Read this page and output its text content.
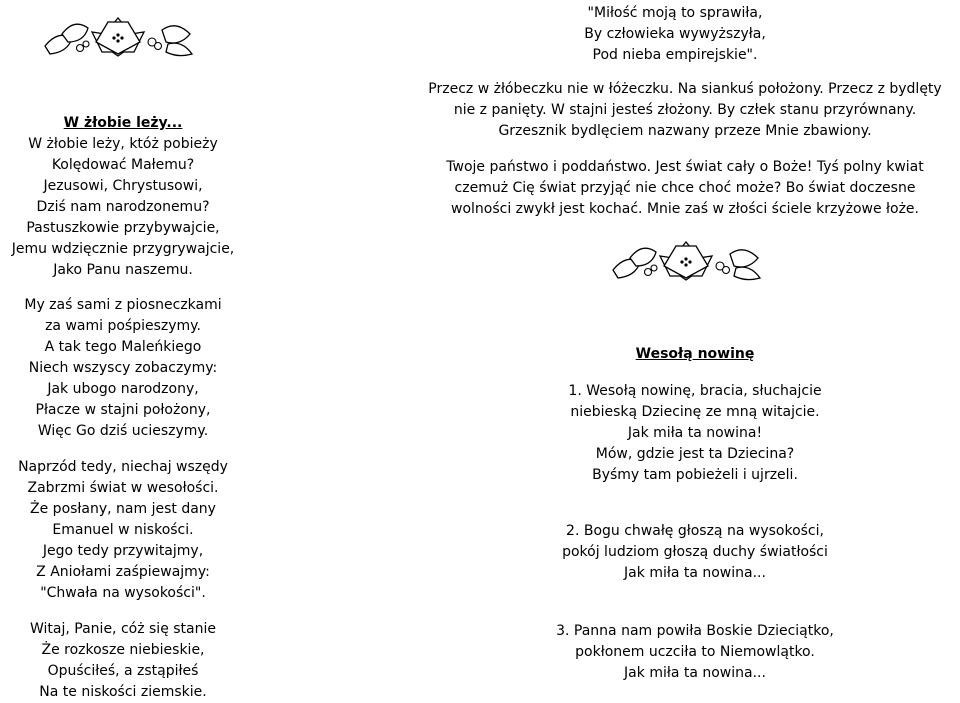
W żłobie leży...
W żłobie leży, któż pobieży
Kolędować Małemu?
Jezusowi, Chrystusowi,
Dziś nam narodzonemu?
Pastuszkowie przybywajcie,
Jemu wdzięcznie przygrywajcie,
Jako Panu naszemu.
My zaś sami z piosneczkami
za wami pośpieszymy.
A tak tego Maleńkiego
Niech wszyscy zobaczymy:
Jak ubogo narodzony,
Płacze w stajni położony,
Więc Go dziś ucieszymy.
Naprzód tedy, niechaj wszędy
Zabrzmi świat w wesołości.
Że posłany, nam jest dany
Emanuel w niskości.
Jego tedy przywitajmy,
Z Aniołami zaśpiewajmy:
"Chwała na wysokości".
Witaj, Panie, cóż się stanie
Że rozkosze niebieskie,
Opuściłeś, a zstąpiłeś
Na te niskości ziemskie.
"Miłość moją to sprawiła,
By człowieka wywyższyła,
Pod nieba empirejskie".
Przecz w żłóbeczku nie w łóżeczku. Na siankuś położony. Przecz z bydlęty
nie z panięty. W stajni jesteś złożony. By człek stanu przyrównany.
Grzesznik bydlęciem nazwany przeze Mnie zbawiony.
Twoje państwo i poddaństwo. Jest świat cały o Boże! Tyś polny kwiat
czemuż Cię świat przyjąć nie chce choć może? Bo świat doczesne
wolności zwykł jest kochać. Mnie zaś w złości ściele krzyżowe łoże.
Wesołą nowinę
1. Wesołą nowinę, bracia, słuchajcie
niebieską Dziecinę ze mną witajcie.
Jak miła ta nowina!
Mów, gdzie jest ta Dziecina?
Byśmy tam pobieżeli i ujrzeli.
2. Bogu chwałę głoszą na wysokości,
pokój ludziom głoszą duchy światłości
Jak miła ta nowina...
3. Panna nam powiła Boskie Dzieciątko,
pokłonem uczciła to Niemowlątko.
Jak miła ta nowina...
